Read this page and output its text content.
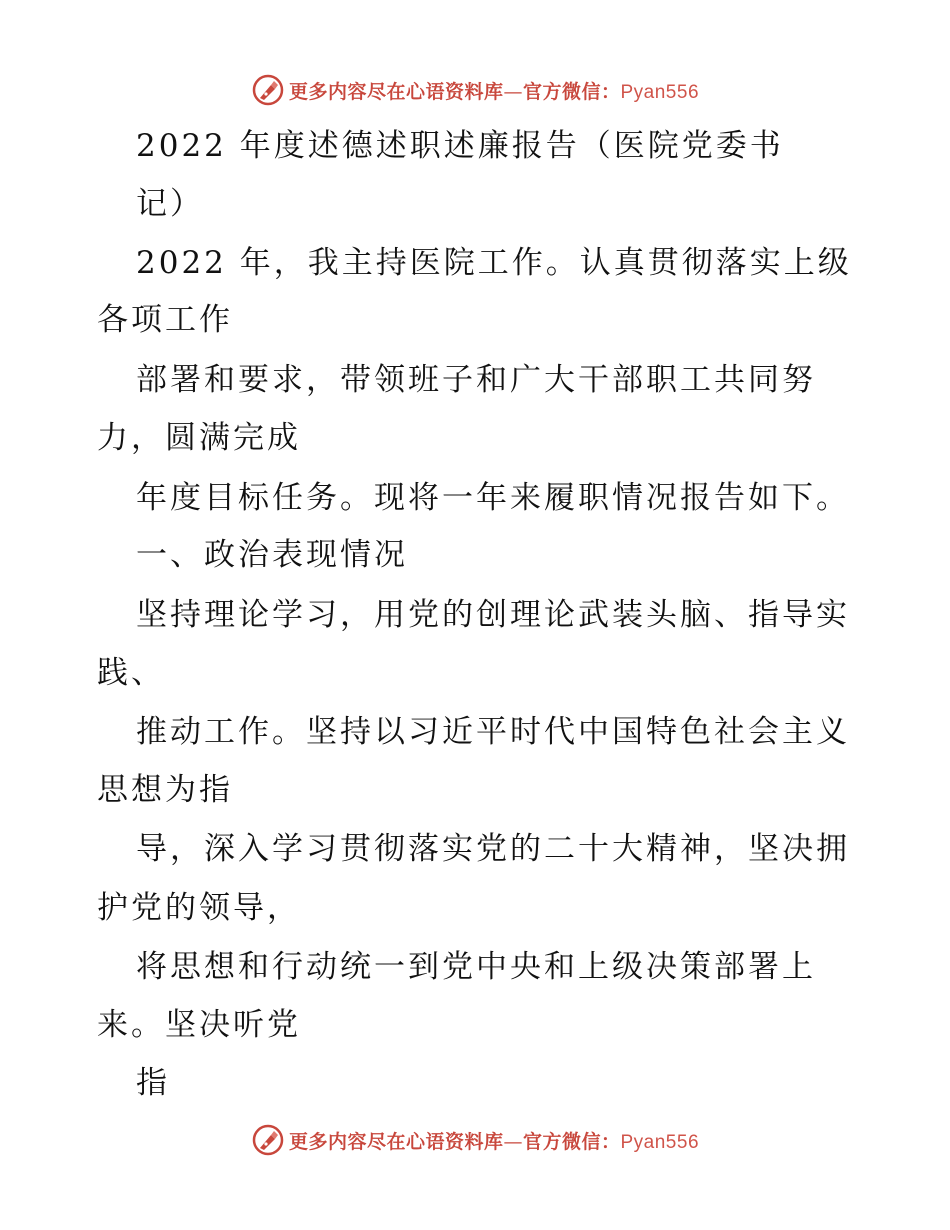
更多内容尽在心语资料库—官方微信：Pyan556
2022 年度述德述职述廉报告（医院党委书
记）
2022 年，我主持医院工作。认真贯彻落实上级
各项工作
部署和要求，带领班子和广大干部职工共同努
力，圆满完成
年度目标任务。现将一年来履职情况报告如下。
一、政治表现情况
坚持理论学习，用党的创理论武装头脑、指导实
践、
推动工作。坚持以习近平时代中国特色社会主义
思想为指
导，深入学习贯彻落实党的二十大精神，坚决拥
护党的领导，
将思想和行动统一到党中央和上级决策部署上
来。坚决听党
指
更多内容尽在心语资料库—官方微信：Pyan556
